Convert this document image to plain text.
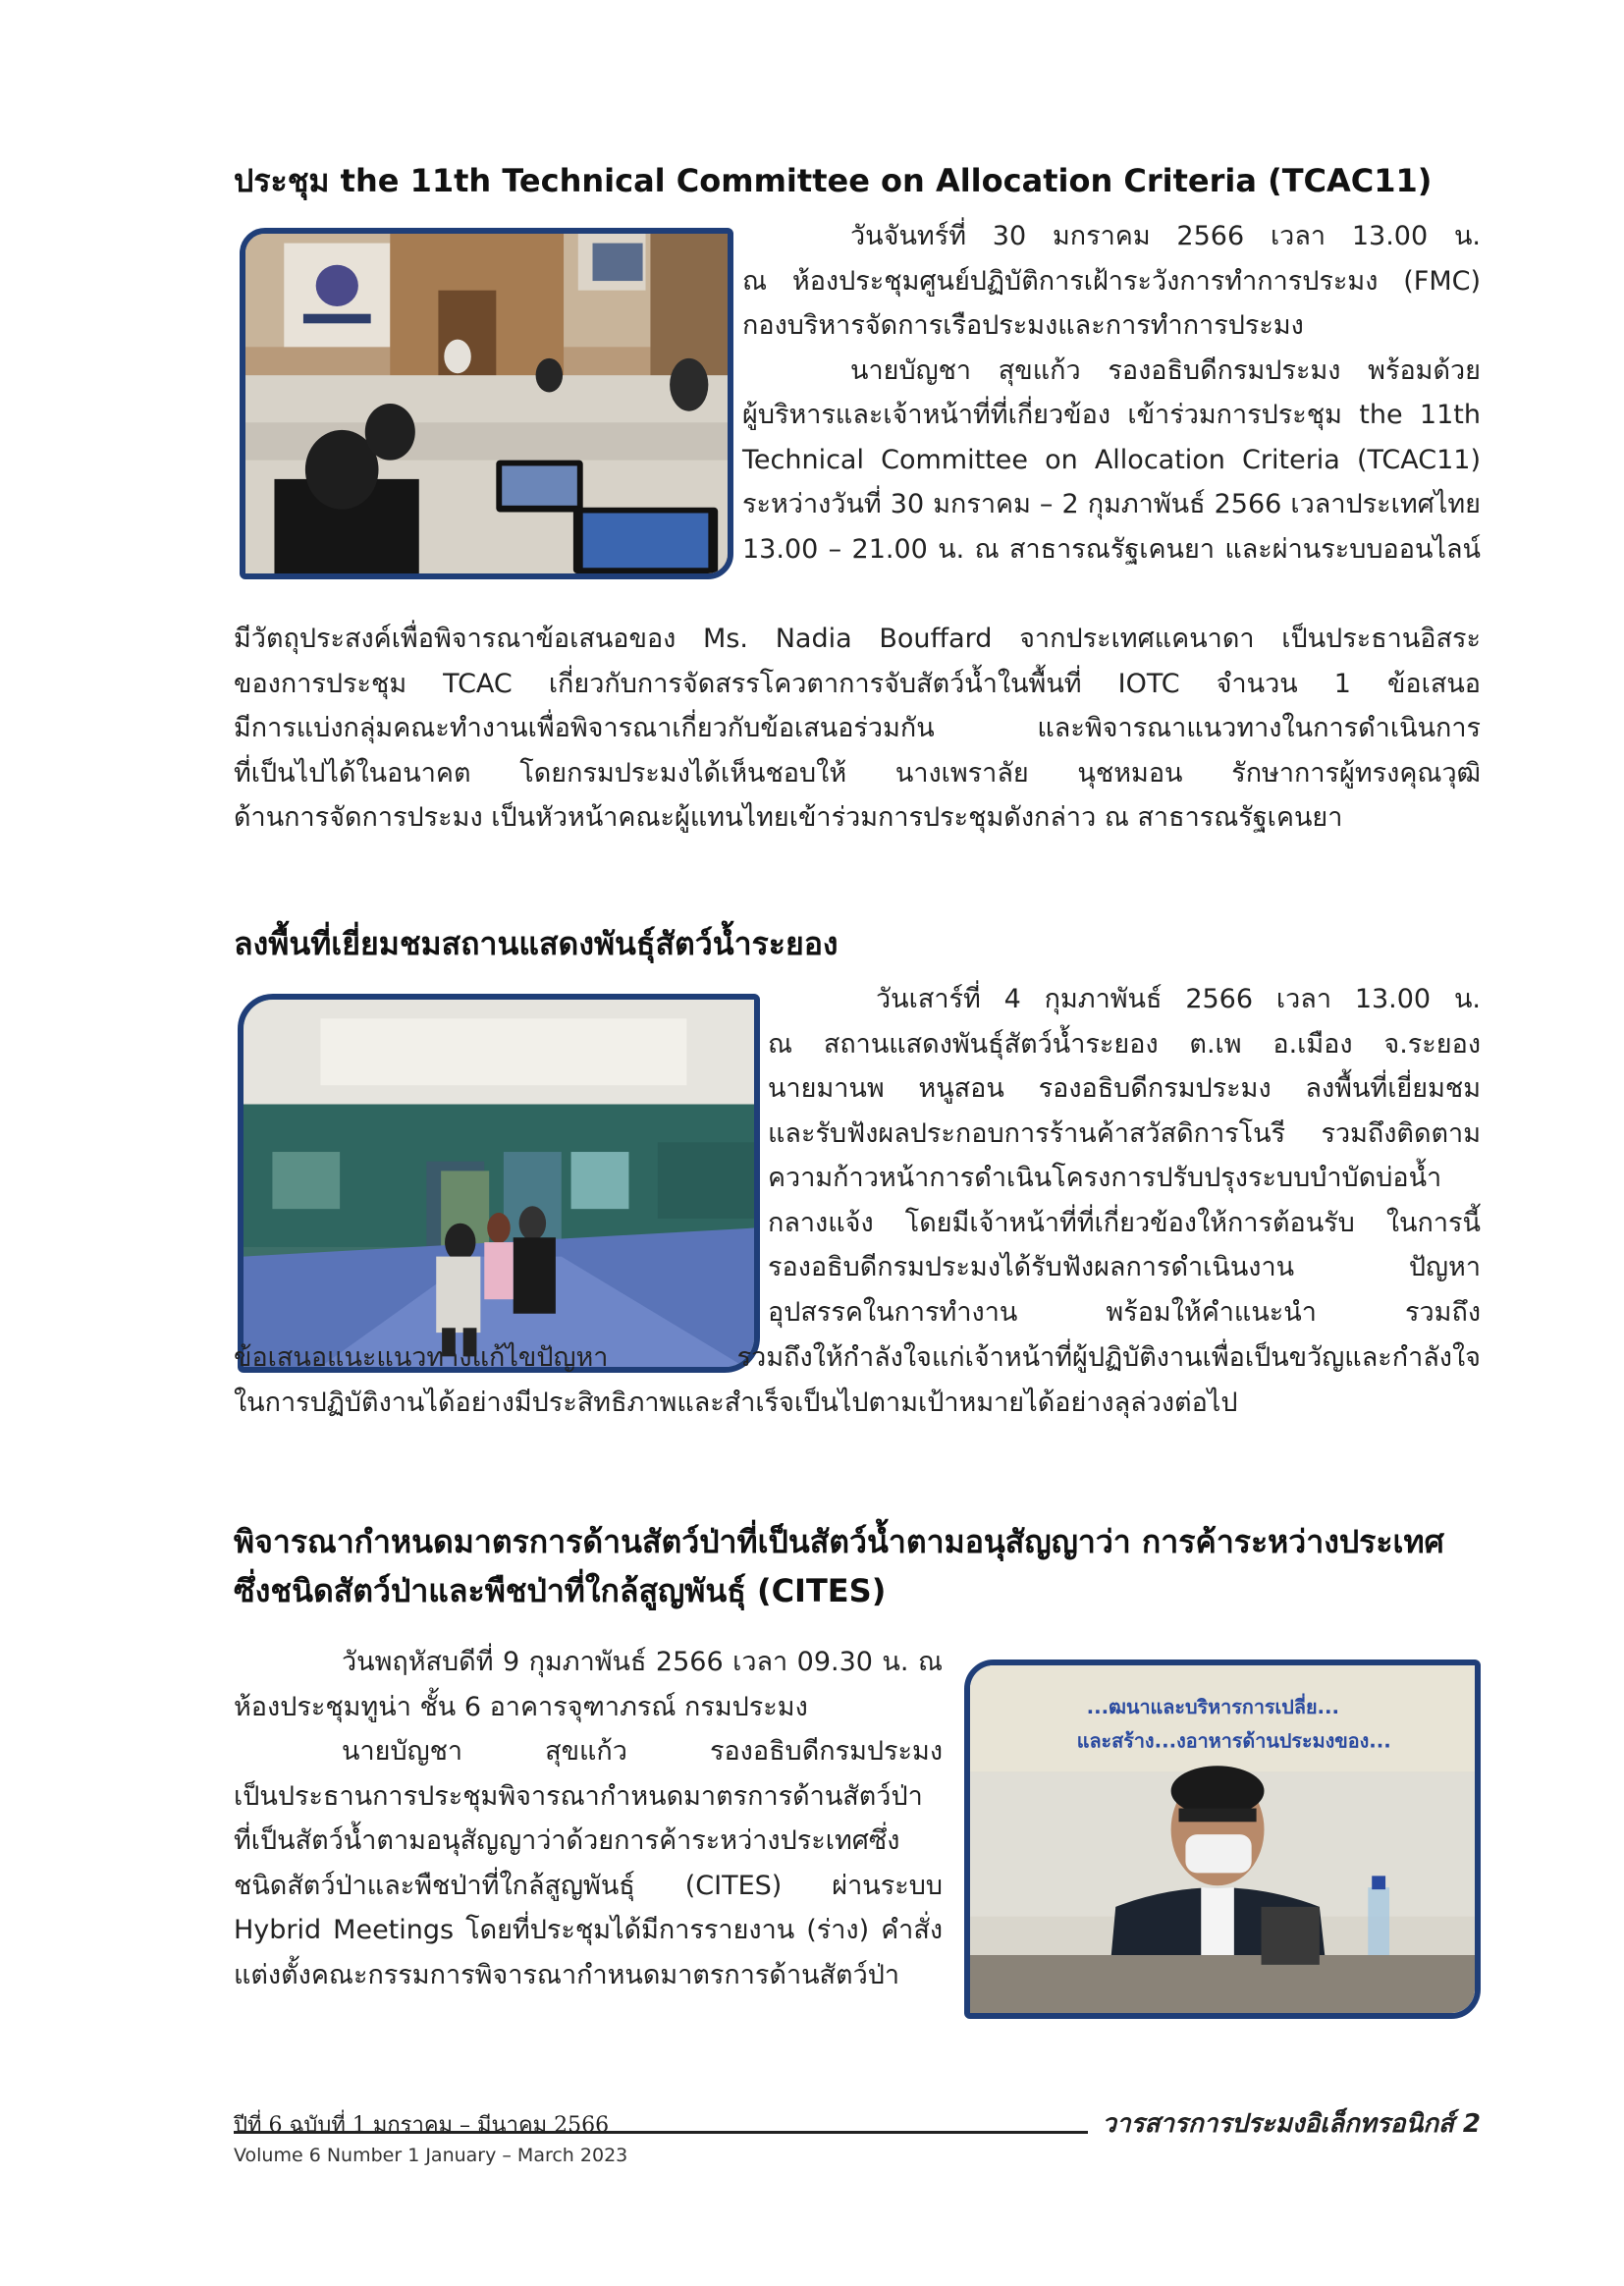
ประชุม the 11th Technical Committee on Allocation Criteria (TCAC11)

วันจันทร์ที่ 30 มกราคม 2566 เวลา 13.00 น.

ณ ห้องประชุมศูนย์ปฏิบัติการเฝ้าระวังการทำการประมง (FMC)

กองบริหารจัดการเรือประมงและการทำการประมง

นายบัญชา สุขแก้ว รองอธิบดีกรมประมง พร้อมด้วย

ผู้บริหารและเจ้าหน้าที่ที่เกี่ยวข้อง เข้าร่วมการประชุม the 11th

Technical Committee on Allocation Criteria (TCAC11)

ระหว่างวันที่ 30 มกราคม – 2 กุมภาพันธ์ 2566 เวลาประเทศไทย

13.00 – 21.00 น. ณ สาธารณรัฐเคนยา และผ่านระบบออนไลน์

มีวัตถุประสงค์เพื่อพิจารณาข้อเสนอของ Ms. Nadia Bouffard จากประเทศแคนาดา เป็นประธานอิสระ

ของการประชุม TCAC เกี่ยวกับการจัดสรรโควตาการจับสัตว์น้ำในพื้นที่ IOTC จำนวน 1 ข้อเสนอ

มีการแบ่งกลุ่มคณะทำงานเพื่อพิจารณาเกี่ยวกับข้อเสนอร่วมกัน และพิจารณาแนวทางในการดำเนินการ

ที่เป็นไปได้ในอนาคต โดยกรมประมงได้เห็นชอบให้ นางเพราลัย นุชหมอน รักษาการผู้ทรงคุณวุฒิ

ด้านการจัดการประมง เป็นหัวหน้าคณะผู้แทนไทยเข้าร่วมการประชุมดังกล่าว ณ สาธารณรัฐเคนยา

ลงพื้นที่เยี่ยมชมสถานแสดงพันธุ์สัตว์น้ำระยอง

วันเสาร์ที่ 4 กุมภาพันธ์ 2566 เวลา 13.00 น.

ณ สถานแสดงพันธุ์สัตว์น้ำระยอง ต.เพ อ.เมือง จ.ระยอง

นายมานพ หนูสอน รองอธิบดีกรมประมง ลงพื้นที่เยี่ยมชม

และรับฟังผลประกอบการร้านค้าสวัสดิการโนรี รวมถึงติดตาม

ความก้าวหน้าการดำเนินโครงการปรับปรุงระบบบำบัดบ่อน้ำ

กลางแจ้ง โดยมีเจ้าหน้าที่ที่เกี่ยวข้องให้การต้อนรับ ในการนี้

รองอธิบดีกรมประมงได้รับฟังผลการดำเนินงาน ปัญหา

อุปสรรคในการทำงาน พร้อมให้คำแนะนำ รวมถึง

ข้อเสนอแนะแนวทางแก้ไขปัญหา รวมถึงให้กำลังใจแก่เจ้าหน้าที่ผู้ปฏิบัติงานเพื่อเป็นขวัญและกำลังใจ

ในการปฏิบัติงานได้อย่างมีประสิทธิภาพและสำเร็จเป็นไปตามเป้าหมายได้อย่างลุล่วงต่อไป

พิจารณากำหนดมาตรการด้านสัตว์ป่าที่เป็นสัตว์น้ำตามอนุสัญญาว่า การค้าระหว่างประเทศ
ซึ่งชนิดสัตว์ป่าและพืชป่าที่ใกล้สูญพันธุ์ (CITES)

วันพฤหัสบดีที่ 9 กุมภาพันธ์ 2566 เวลา 09.30 น. ณ

ห้องประชุมทูน่า ชั้น 6 อาคารจุฑาภรณ์ กรมประมง

นายบัญชา สุขแก้ว รองอธิบดีกรมประมง

เป็นประธานการประชุมพิจารณากำหนดมาตรการด้านสัตว์ป่า

ที่เป็นสัตว์น้ำตามอนุสัญญาว่าด้วยการค้าระหว่างประเทศซึ่ง

ชนิดสัตว์ป่าและพืชป่าที่ใกล้สูญพันธุ์ (CITES) ผ่านระบบ

Hybrid Meetings โดยที่ประชุมได้มีการรายงาน (ร่าง) คำสั่ง

แต่งตั้งคณะกรรมการพิจารณากำหนดมาตรการด้านสัตว์ป่า

...ฒนาและบริหารการเปลี่ย...
และสร้าง...งอาหารด้านประมงของ...
ปีที่ 6 ฉบับที่ 1 มกราคม – มีนาคม 2566
Volume 6 Number 1 January – March 2023
วารสารการประมงอิเล็กทรอนิกส์ 2
